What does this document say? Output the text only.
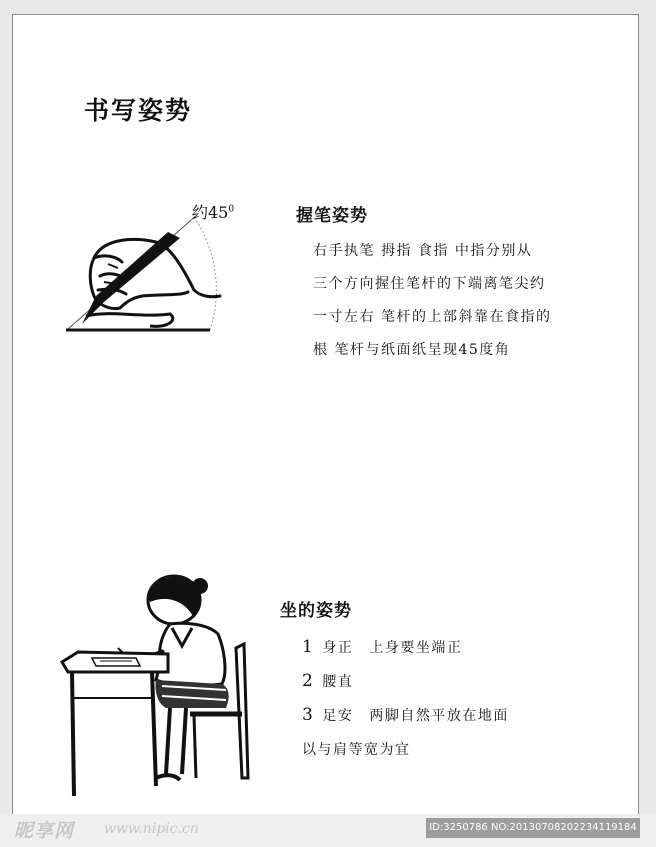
书写姿势
约$45^0$	握笔姿势
右手执笔 拇指 食指 中指分别从
三个方向握住笔杆的下端离笔尖约
一寸左右 笔杆的上部斜靠在食指的
根 笔杆与纸面纸呈现45度角
坐的姿势
1 身正 上身要坐端正
2 腰直
3 足安 两脚自然平放在地面
以与肩等宽为宜
昵享网 www.nipic.cn	ID:3250786 NO:20130708202234119184
